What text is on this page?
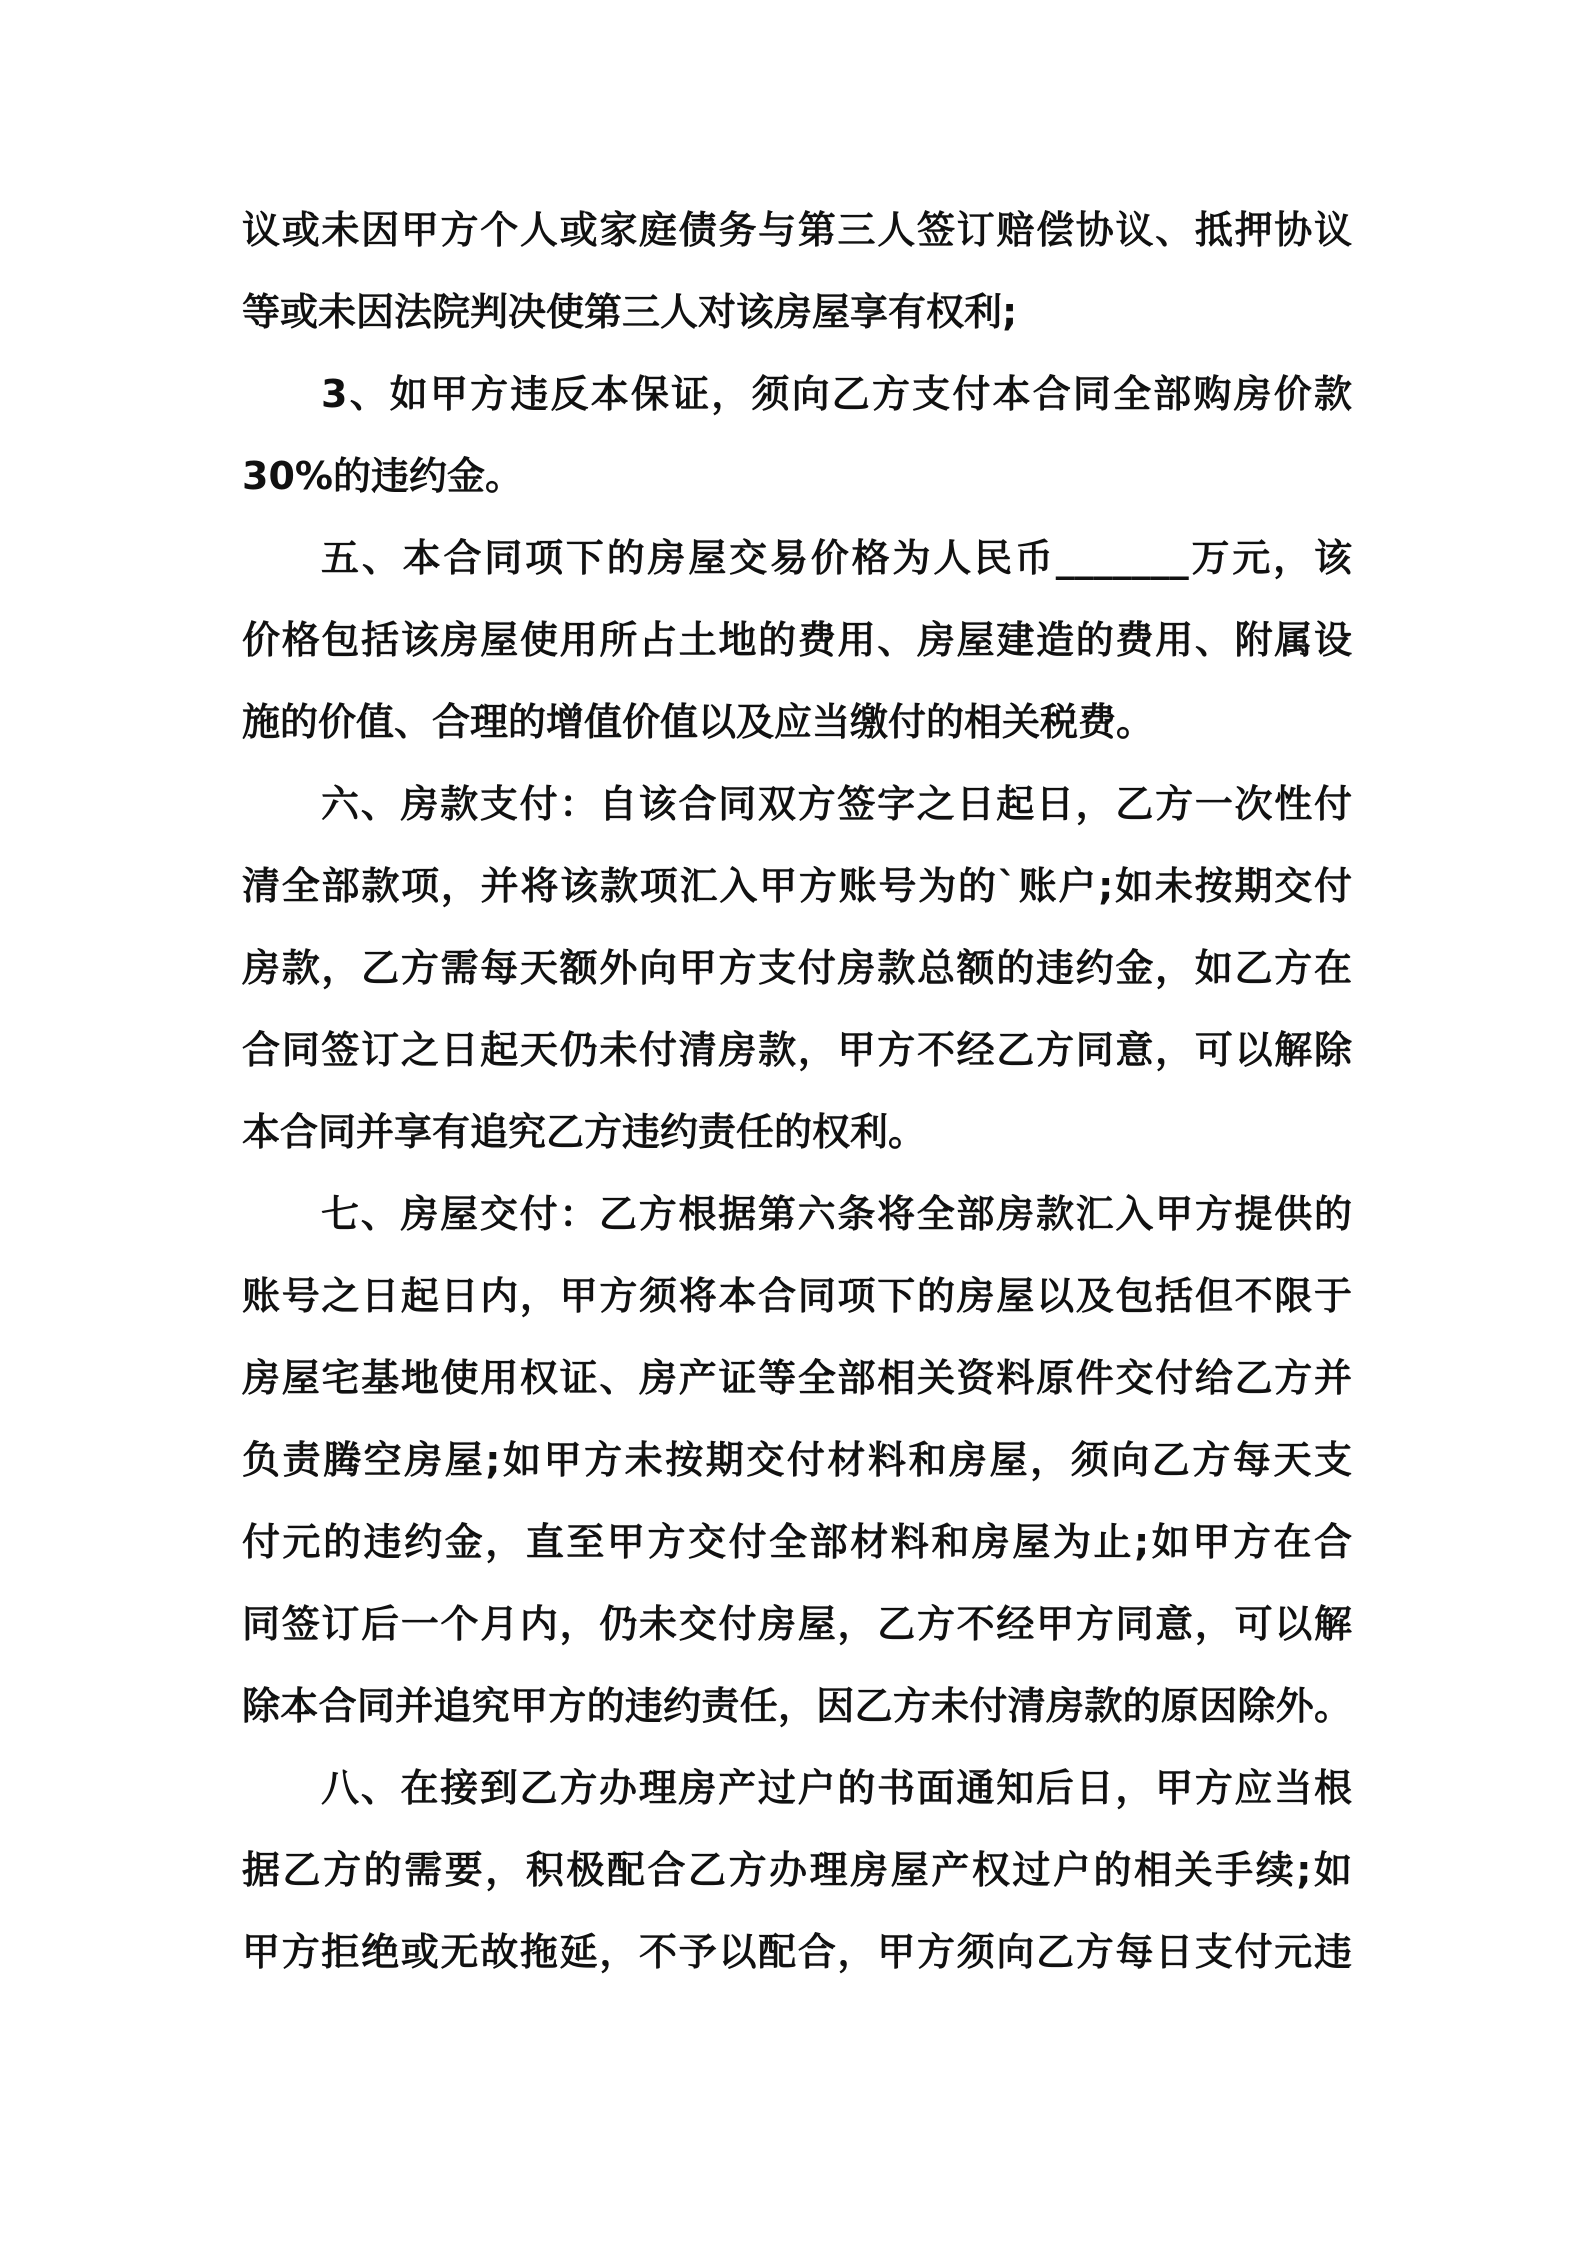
议或未因甲方个人或家庭债务与第三人签订赔偿协议、抵押协议
等或未因法院判决使第三人对该房屋享有权利;
3、如甲方违反本保证，须向乙方支付本合同全部购房价款
30%的违约金。
五、本合同项下的房屋交易价格为人民币_______万元，该
价格包括该房屋使用所占土地的费用、房屋建造的费用、附属设
施的价值、合理的增值价值以及应当缴付的相关税费。
六、房款支付：自该合同双方签字之日起日，乙方一次性付
清全部款项，并将该款项汇入甲方账号为的`账户;如未按期交付
房款，乙方需每天额外向甲方支付房款总额的违约金，如乙方在
合同签订之日起天仍未付清房款，甲方不经乙方同意，可以解除
本合同并享有追究乙方违约责任的权利。
七、房屋交付：乙方根据第六条将全部房款汇入甲方提供的
账号之日起日内，甲方须将本合同项下的房屋以及包括但不限于
房屋宅基地使用权证、房产证等全部相关资料原件交付给乙方并
负责腾空房屋;如甲方未按期交付材料和房屋，须向乙方每天支
付元的违约金，直至甲方交付全部材料和房屋为止;如甲方在合
同签订后一个月内，仍未交付房屋，乙方不经甲方同意，可以解
除本合同并追究甲方的违约责任，因乙方未付清房款的原因除外。
八、在接到乙方办理房产过户的书面通知后日，甲方应当根
据乙方的需要，积极配合乙方办理房屋产权过户的相关手续;如
甲方拒绝或无故拖延，不予以配合，甲方须向乙方每日支付元违
